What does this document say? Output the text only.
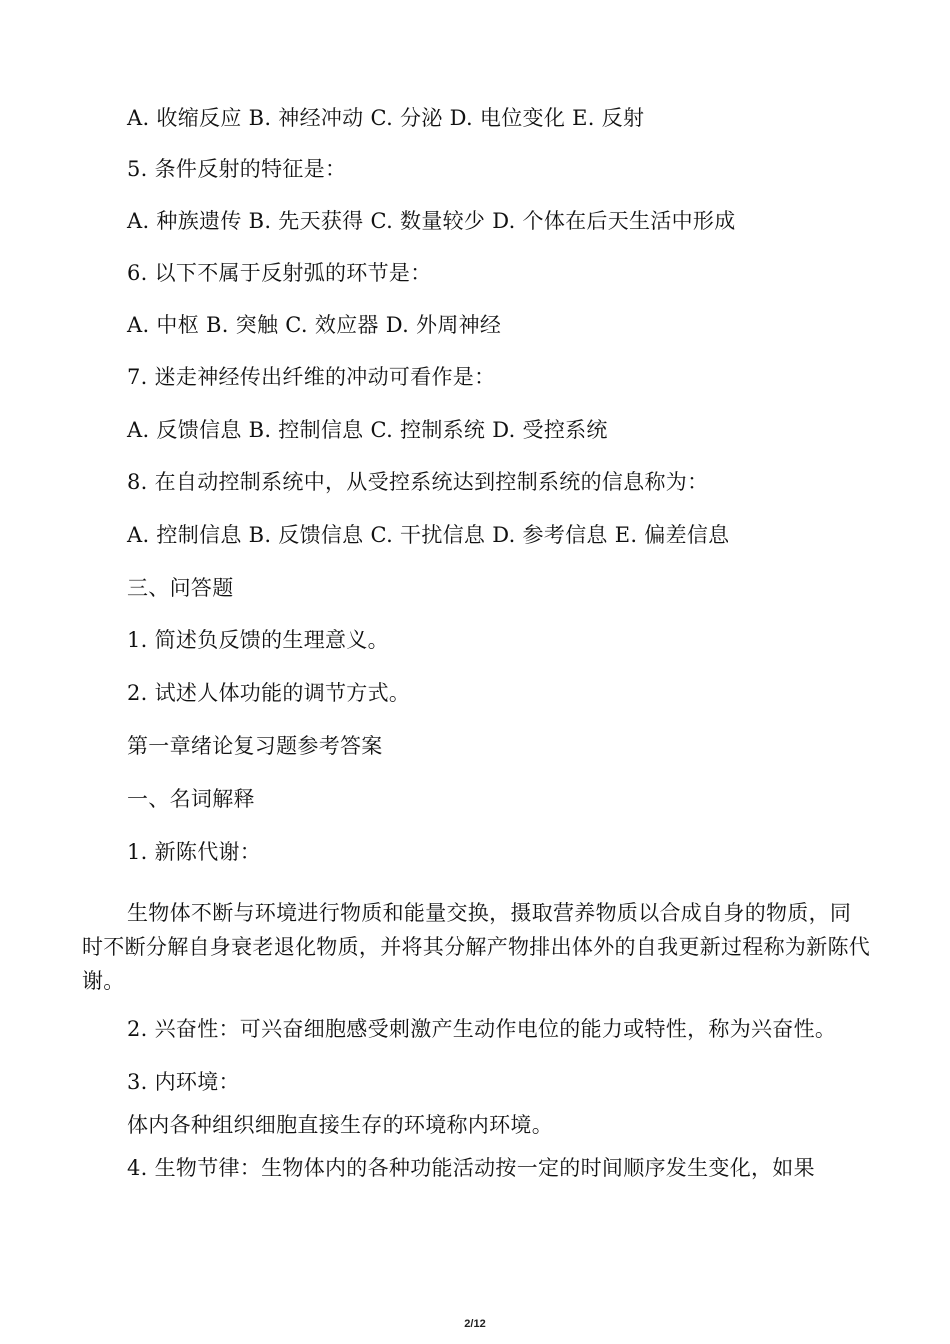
A. 收缩反应 B. 神经冲动 C. 分泌 D. 电位变化 E. 反射
5. 条件反射的特征是：
A. 种族遗传 B. 先天获得 C. 数量较少 D. 个体在后天生活中形成
6. 以下不属于反射弧的环节是：
A. 中枢 B. 突触 C. 效应器 D. 外周神经
7. 迷走神经传出纤维的冲动可看作是：
A. 反馈信息 B. 控制信息 C. 控制系统 D. 受控系统
8. 在自动控制系统中，从受控系统达到控制系统的信息称为：
A. 控制信息 B. 反馈信息 C. 干扰信息 D. 参考信息 E. 偏差信息
三、问答题
1. 简述负反馈的生理意义。
2. 试述人体功能的调节方式。
第一章绪论复习题参考答案
一、名词解释
1. 新陈代谢：
生物体不断与环境进行物质和能量交换，摄取营养物质以合成自身的物质，同时不断分解自身衰老退化物质，并将其分解产物排出体外的自我更新过程称为新陈代谢。
2. 兴奋性：可兴奋细胞感受刺激产生动作电位的能力或特性，称为兴奋性。
3. 内环境：
体内各种组织细胞直接生存的环境称内环境。
4. 生物节律：生物体内的各种功能活动按一定的时间顺序发生变化，如果
2/12
